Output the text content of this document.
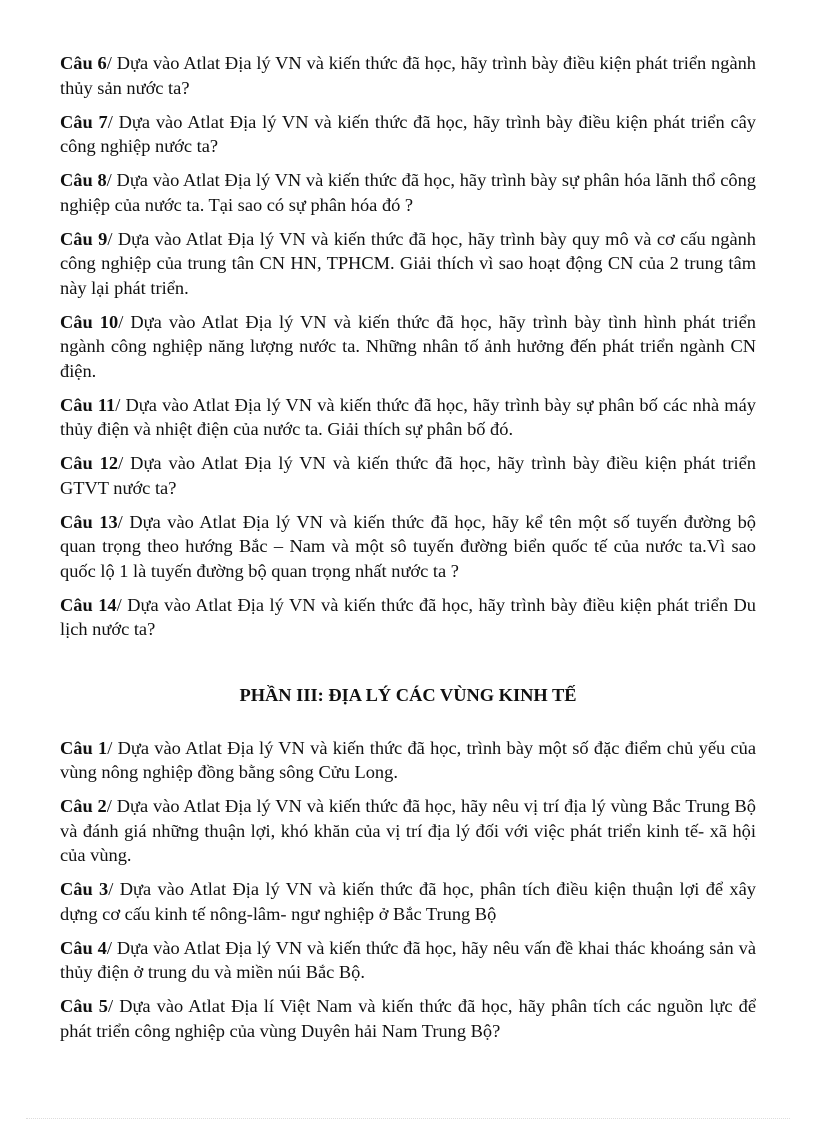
Câu 6/ Dựa vào Atlat Địa lý VN và kiến thức đã học, hãy trình bày điều kiện phát triển ngành thủy sản nước ta?

Câu 7/ Dựa vào Atlat Địa lý VN và kiến thức đã học, hãy trình bày điều kiện phát triển cây công nghiệp nước ta?

Câu 8/ Dựa vào Atlat Địa lý VN và kiến thức đã học, hãy trình bày sự phân hóa lãnh thổ công nghiệp của nước ta. Tại sao có sự phân hóa đó ?

Câu 9/ Dựa vào Atlat Địa lý VN và kiến thức đã học, hãy trình bày quy mô và cơ cấu ngành công nghiệp của trung tân CN HN, TPHCM. Giải thích vì sao hoạt động CN của 2 trung tâm này lại phát triển.

Câu 10/ Dựa vào Atlat Địa lý VN và kiến thức đã học, hãy trình bày tình hình phát triển ngành công nghiệp năng lượng nước ta. Những nhân tố ảnh hưởng đến phát triển ngành CN điện.

Câu 11/ Dựa vào Atlat Địa lý VN và kiến thức đã học, hãy trình bày sự phân bố các nhà máy thủy điện và nhiệt điện của nước ta. Giải thích sự phân bố đó.

Câu 12/ Dựa vào Atlat Địa lý VN và kiến thức đã học, hãy trình bày điều kiện phát triển GTVT nước ta?

Câu 13/ Dựa vào Atlat Địa lý VN và kiến thức đã học, hãy kể tên một số tuyến đường bộ quan trọng theo hướng Bắc – Nam và một sô tuyến đường biển quốc tế của nước ta.Vì sao quốc lộ 1 là tuyến đường bộ quan trọng nhất nước ta ?

Câu 14/ Dựa vào Atlat Địa lý VN và kiến thức đã học, hãy trình bày điều kiện phát triển Du lịch nước ta?

PHẦN III: ĐỊA LÝ CÁC VÙNG KINH TẾ

Câu 1/ Dựa vào Atlat Địa lý VN và kiến thức đã học, trình bày một số đặc điểm chủ yếu của vùng nông nghiệp đồng bằng sông Cửu Long.

Câu 2/ Dựa vào Atlat Địa lý VN và kiến thức đã học, hãy nêu vị trí địa lý vùng Bắc Trung Bộ và đánh giá những thuận lợi, khó khăn của vị trí địa lý đối với việc phát triển kinh tế- xã hội của vùng.

Câu 3/ Dựa vào Atlat Địa lý VN và kiến thức đã học, phân tích điều kiện thuận lợi để xây dựng cơ cấu kinh tế nông-lâm- ngư nghiệp ở Bắc Trung Bộ

Câu 4/ Dựa vào Atlat Địa lý VN và kiến thức đã học, hãy nêu vấn đề khai thác khoáng sản và thủy điện ở trung du và miền núi Bắc Bộ.

Câu 5/ Dựa vào Atlat Địa lí Việt Nam và kiến thức đã học, hãy phân tích các nguồn lực để phát triển công nghiệp của vùng Duyên hải Nam Trung Bộ?
